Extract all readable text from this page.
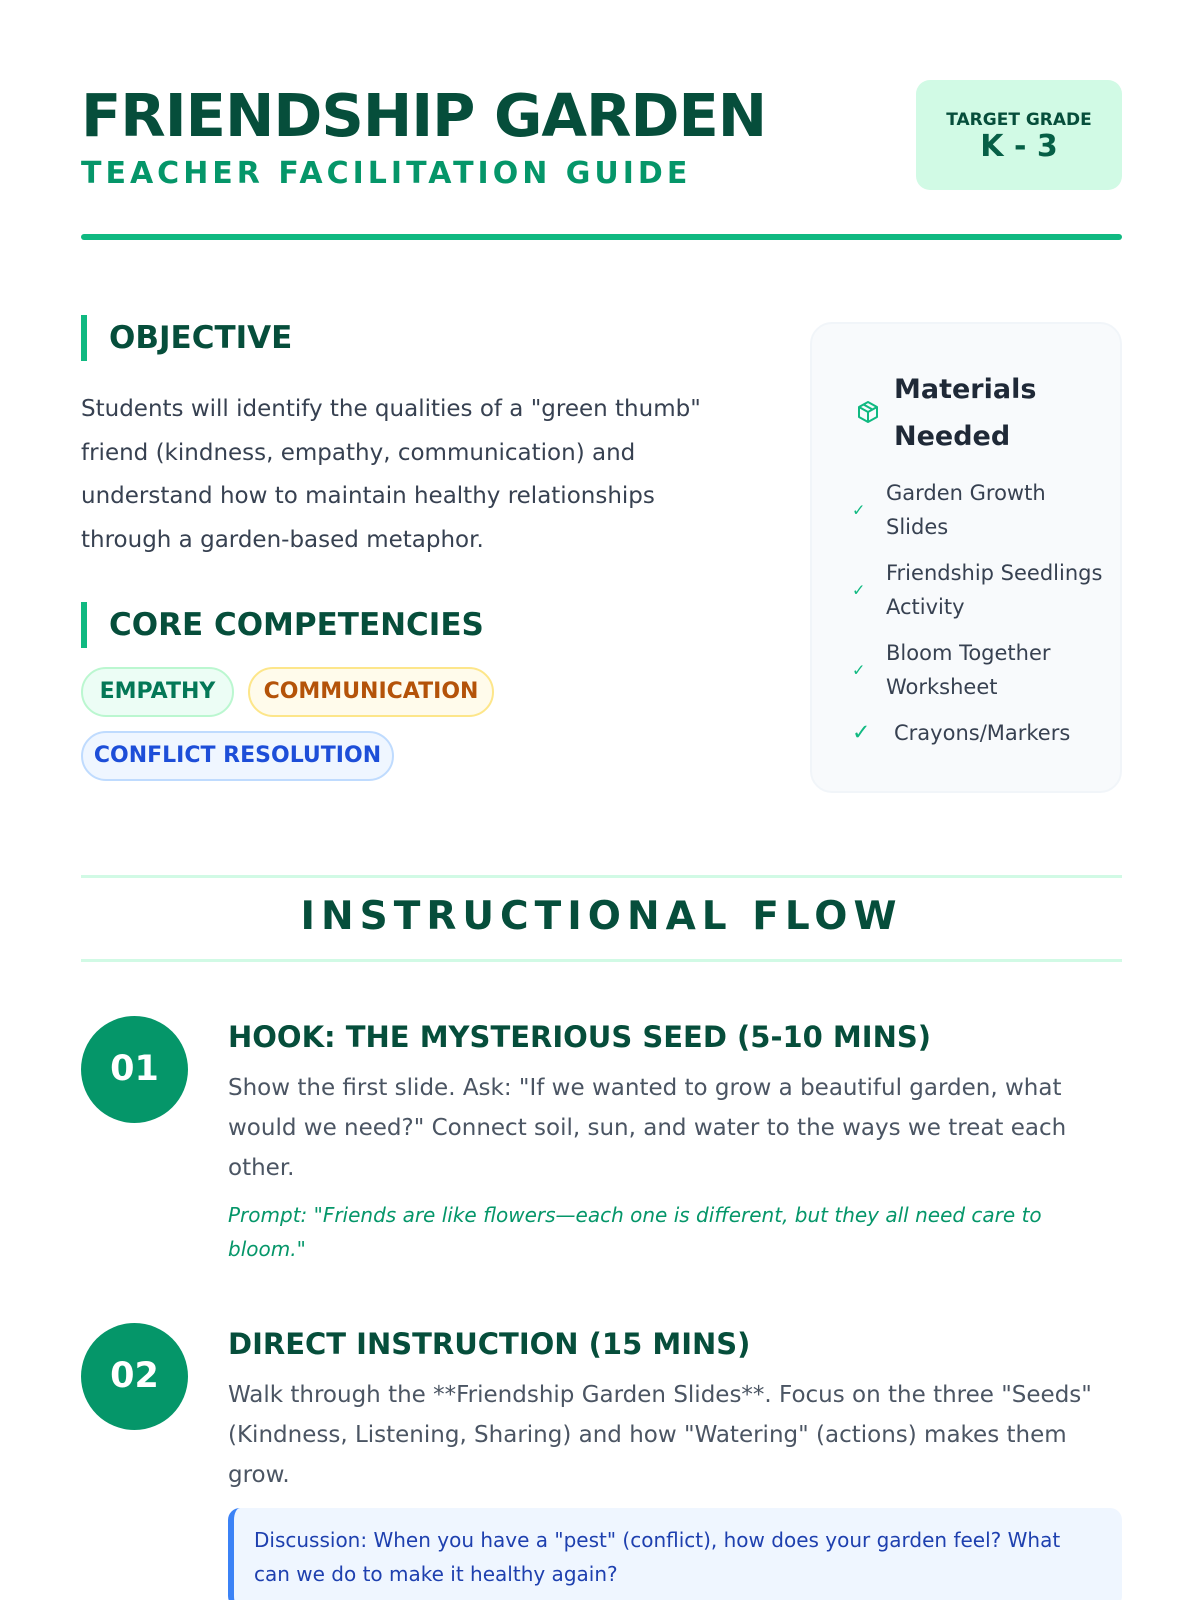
FRIENDSHIP GARDEN
TEACHER FACILITATION GUIDE
TARGET GRADE
K - 3
OBJECTIVE

Students will identify the qualities of a "green thumb" friend (kindness, empathy, communication) and understand how to maintain healthy relationships through a garden-based metaphor.

CORE COMPETENCIES
EMPATHY	COMMUNICATION
CONFLICT RESOLUTION
Materials Needed
✓
Garden Growth Slides
✓
Friendship Seedlings Activity
✓
Bloom Together Worksheet
✓	Crayons/Markers
INSTRUCTIONAL FLOW
01
HOOK: THE MYSTERIOUS SEED (5-10 MINS)

Show the first slide. Ask: "If we wanted to grow a beautiful garden, what would we need?" Connect soil, sun, and water to the ways we treat each other.

Prompt: "Friends are like flowers—each one is different, but they all need care to bloom."

02
DIRECT INSTRUCTION (15 MINS)

Walk through the **Friendship Garden Slides**. Focus on the three "Seeds" (Kindness, Listening, Sharing) and how "Watering" (actions) makes them grow.

Discussion: When you have a "pest" (conflict), how does your garden feel? What can we do to make it healthy again?
